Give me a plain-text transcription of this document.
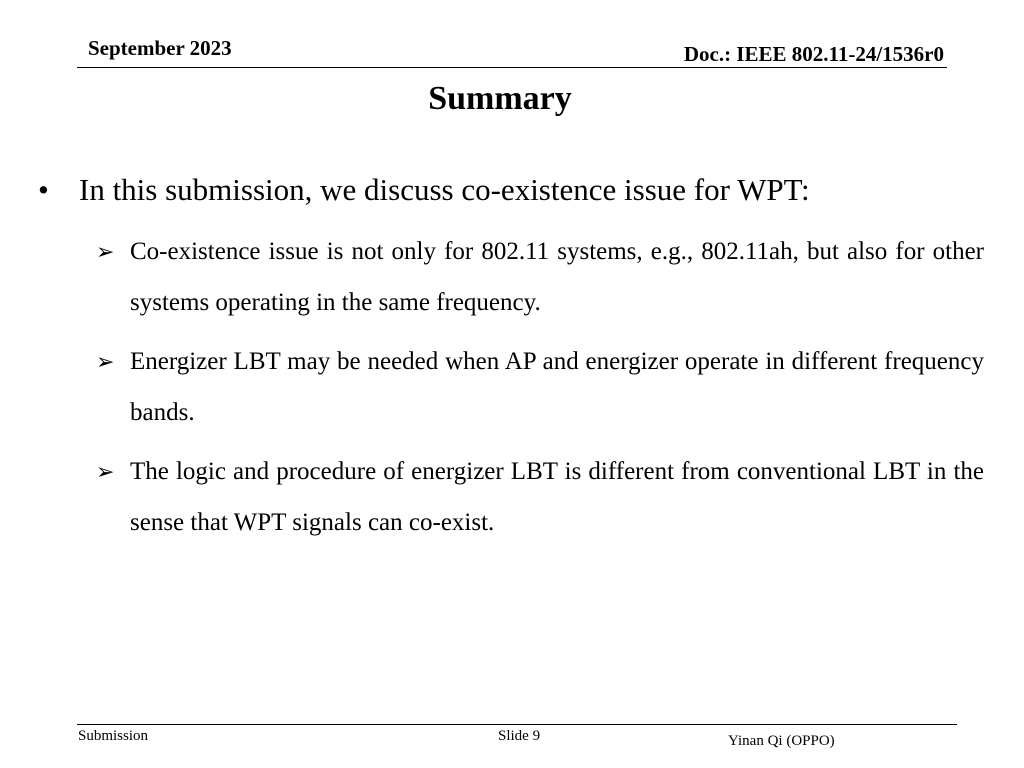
September 2023	Doc.: IEEE 802.11-24/1536r0
Summary
• In this submission, we discuss co-existence issue for WPT:
➢ Co-existence issue is not only for 802.11 systems, e.g., 802.11ah, but also for other systems operating in the same frequency.
➢ Energizer LBT may be needed when AP and energizer operate in different frequency bands.
➢ The logic and procedure of energizer LBT is different from conventional LBT in the sense that WPT signals can co-exist.
Submission	Slide 9	Yinan Qi (OPPO)
